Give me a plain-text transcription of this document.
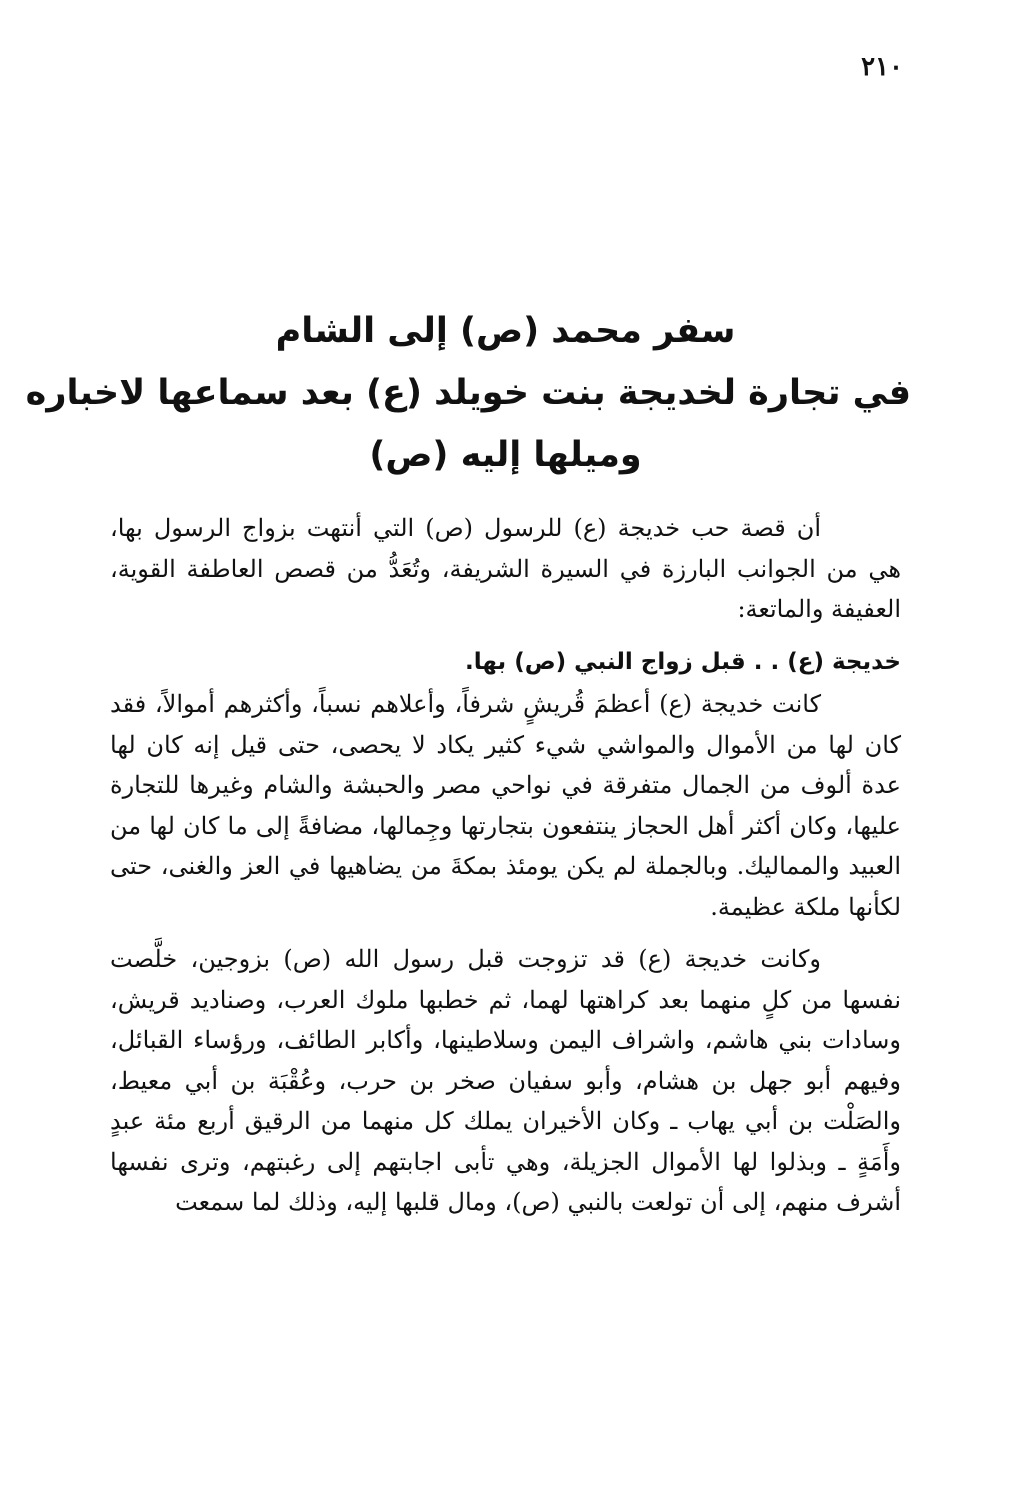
٢١٠
سفر محمد (ص) إلى الشام
في تجارة لخديجة بنت خويلد (ع) بعد سماعها لاخباره
وميلها إليه (ص)

أن قصة حب خديجة (ع) للرسول (ص) التي أنتهت بزواج الرسول بها، هي من الجوانب البارزة في السيرة الشريفة، وتُعَدُّ من قصص العاطفة القوية، العفيفة والماتعة:

خديجة (ع) . . قبل زواج النبي (ص) بها.

كانت خديجة (ع) أعظمَ قُريشٍ شرفاً، وأعلاهم نسباً، وأكثرهم أموالاً، فقد كان لها من الأموال والمواشي شيء كثير يكاد لا يحصى، حتى قيل إنه كان لها عدة ألوف من الجمال متفرقة في نواحي مصر والحبشة والشام وغيرها للتجارة عليها، وكان أكثر أهل الحجاز ينتفعون بتجارتها وجِمالها، مضافةً إلى ما كان لها من العبيد والمماليك. وبالجملة لم يكن يومئذ بمكةَ من يضاهيها في العز والغنى، حتى لكأنها ملكة عظيمة.

وكانت خديجة (ع) قد تزوجت قبل رسول الله (ص) بزوجين، خلَّصت نفسها من كلٍ منهما بعد كراهتها لهما، ثم خطبها ملوك العرب، وصناديد قريش، وسادات بني هاشم، واشراف اليمن وسلاطينها، وأكابر الطائف، ورؤساء القبائل، وفيهم أبو جهل بن هشام، وأبو سفيان صخر بن حرب، وعُقْبَة بن أبي معيط، والصَلْت بن أبي يهاب ـ وكان الأخيران يملك كل منهما من الرقيق أربع مئة عبدٍ وأَمَةٍ ـ وبذلوا لها الأموال الجزيلة، وهي تأبى اجابتهم إلى رغبتهم، وترى نفسها أشرف منهم، إلى أن تولعت بالنبي (ص)، ومال قلبها إليه، وذلك لما سمعت
